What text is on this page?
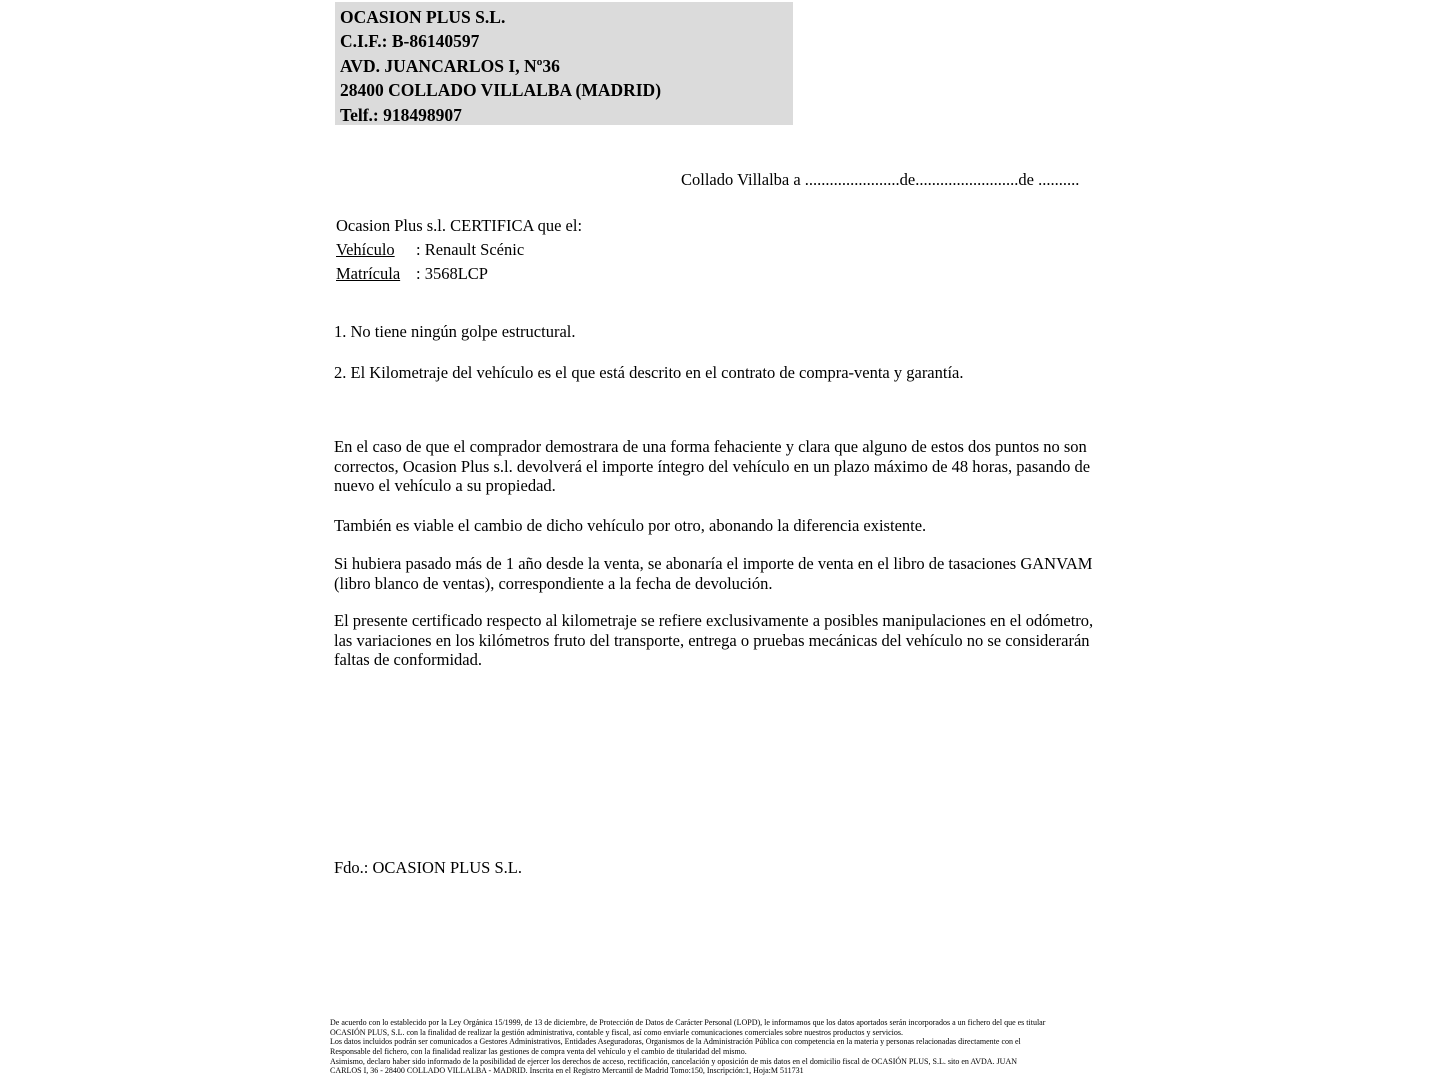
OCASION PLUS S.L.
C.I.F.: B-86140597
AVD. JUANCARLOS I, Nº36
28400 COLLADO VILLALBA (MADRID)
Telf.: 918498907
Collado Villalba a .......................de.........................de ..........
Ocasion Plus s.l. CERTIFICA que el:
Vehículo	: Renault Scénic
Matrícula : 3568LCP
1. No tiene ningún golpe estructural.
2. El Kilometraje del vehículo es el que está descrito en el contrato de compra-venta y garantía.
En el caso de que el comprador demostrara de una forma fehaciente y clara que alguno de estos dos puntos no son correctos, Ocasion Plus s.l. devolverá el importe íntegro del vehículo en un plazo máximo de 48 horas, pasando de nuevo el vehículo a su propiedad.
También es viable el cambio de dicho vehículo por otro, abonando la diferencia existente.
Si hubiera pasado más de 1 año desde la venta, se abonaría el importe de venta en el libro de tasaciones GANVAM (libro blanco de ventas), correspondiente a la fecha de devolución.
El presente certificado respecto al kilometraje se refiere exclusivamente a posibles manipulaciones en el odómetro, las variaciones en los kilómetros fruto del transporte, entrega o pruebas mecánicas del vehículo no se considerarán faltas de conformidad.
Fdo.: OCASION PLUS S.L.
De acuerdo con lo establecido por la Ley Orgánica 15/1999, de 13 de diciembre, de Protección de Datos de Carácter Personal (LOPD), le informamos que los datos aportados serán incorporados a un fichero del que es titular
OCASIÓN PLUS, S.L. con la finalidad de realizar la gestión administrativa, contable y fiscal, así como enviarle comunicaciones comerciales sobre nuestros productos y servicios.
Los datos incluidos podrán ser comunicados a Gestores Administrativos, Entidades Aseguradoras, Organismos de la Administración Pública con competencia en la materia y personas relacionadas directamente con el
Responsable del fichero, con la finalidad realizar las gestiones de compra venta del vehículo y el cambio de titularidad del mismo.
Asimismo, declaro haber sido informado de la posibilidad de ejercer los derechos de acceso, rectificación, cancelación y oposición de mis datos en el domicilio fiscal de OCASIÓN PLUS, S.L. sito en AVDA. JUAN
CARLOS I, 36 - 28400 COLLADO VILLALBA - MADRID. Inscrita en el Registro Mercantil de Madrid Tomo:150, Inscripción:1, Hoja:M 511731
